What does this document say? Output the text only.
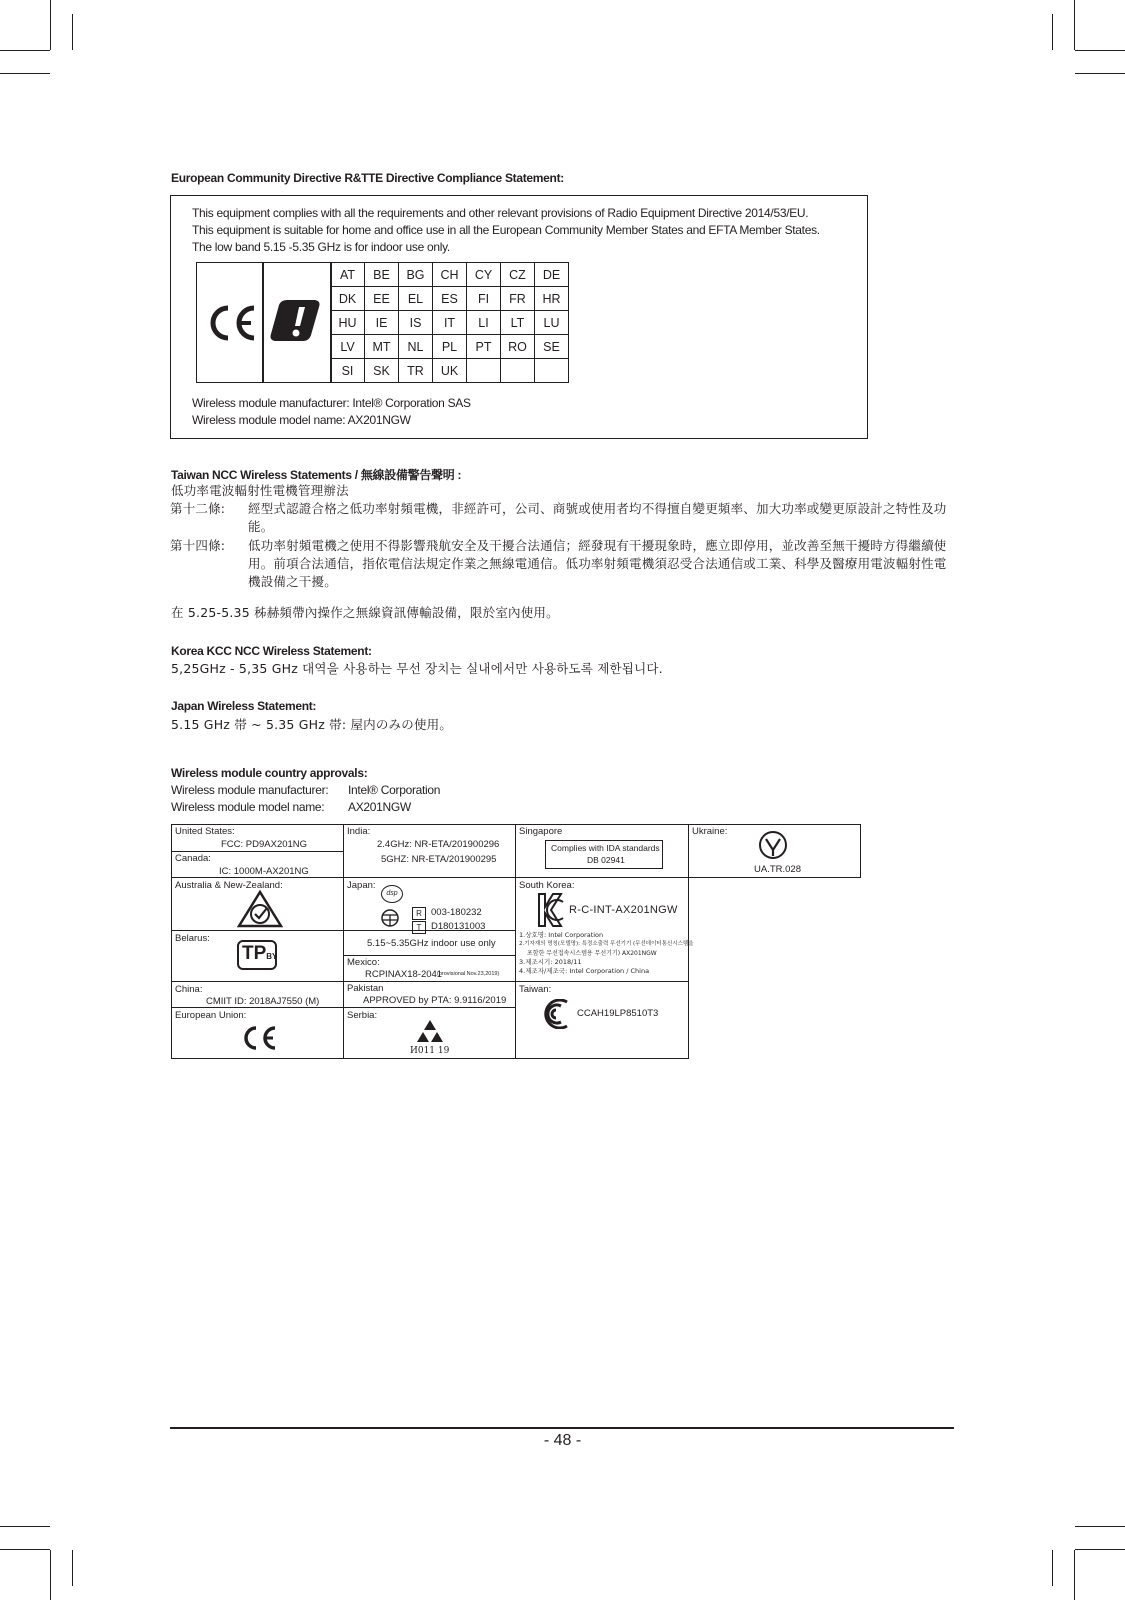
European Community Directive R&TTE Directive Compliance Statement:
This equipment complies with all the requirements and other relevant provisions of Radio Equipment Directive 2014/53/EU.
This equipment is suitable for home and office use in all the European Community Member States and EFTA Member States.
The low band 5.15 -5.35 GHz is for indoor use only.
AT	BE	BG	CH	CY	CZ	DE
DK	EE	EL	ES	FI	FR	HR
HU	IE	IS	IT	LI	LT	LU
LV	MT	NL	PL	PT	RO	SE
SI	SK	TR	UK			
Wireless module manufacturer: Intel® Corporation SAS
Wireless module model name: AX201NGW
Taiwan NCC Wireless Statements / 無線設備警告聲明 :
低功率電波輻射性電機管理辦法
第十二條:	經型式認證合格之低功率射頻電機，非經許可，公司、商號或使用者均不得擅自變更頻率、加大功率或變更原設計之特性及功能。
第十四條:	低功率射頻電機之使用不得影響飛航安全及干擾合法通信；經發現有干擾現象時，應立即停用，並改善至無干擾時方得繼續使用。前項合法通信，指依電信法規定作業之無線電通信。低功率射頻電機須忍受合法通信或工業、科學及醫療用電波輻射性電機設備之干擾。
在 5.25-5.35 秭赫頻帶內操作之無線資訊傳輸設備，限於室內使用。
Korea KCC NCC Wireless Statement:
5,25GHz - 5,35 GHz 대역을 사용하는 무선 장치는 실내에서만 사용하도록 제한됩니다.
Japan Wireless Statement:
5.15 GHz 帯 ~ 5.35 GHz 帯: 屋内のみの使用。
Wireless module country approvals:
Wireless module manufacturer: Intel® Corporation
Wireless module model name: AX201NGW
United States:
FCC: PD9AX201NG
Canada:
IC: 1000M-AX201NG
Australia & New-Zealand:
Belarus:
TPBY
China:
CMIIT ID: 2018AJ7550 (M)
European Union:
India:
2.4GHz: NR-ETA/201900296
5GHZ: NR-ETA/201900295
Japan:
dsp
R 003-180232
T	D180131003
5.15~5.35GHz indoor use only
Mexico:
RCPINAX18-2041
(provisional Nov.23,2019)
Pakistan
APPROVED by PTA: 9.9116/2019
Serbia:
И011 19
Singapore
Complies with IDA standards
DB 02941
South Korea:
R-C-INT-AX201NGW
1.상호명: Intel Corporation
2.기자재의 명칭(모델명): 특정소출력 무선기기 (무선데이터통신시스템을
포함한 무선접속시스템용 무선기기) AX201NGW
3.제조시기: 2018/11
4.제조자/제조국: Intel Corporation / China
Taiwan:
CCAH19LP8510T3
Ukraine:
UA.TR.028
- 48 -
